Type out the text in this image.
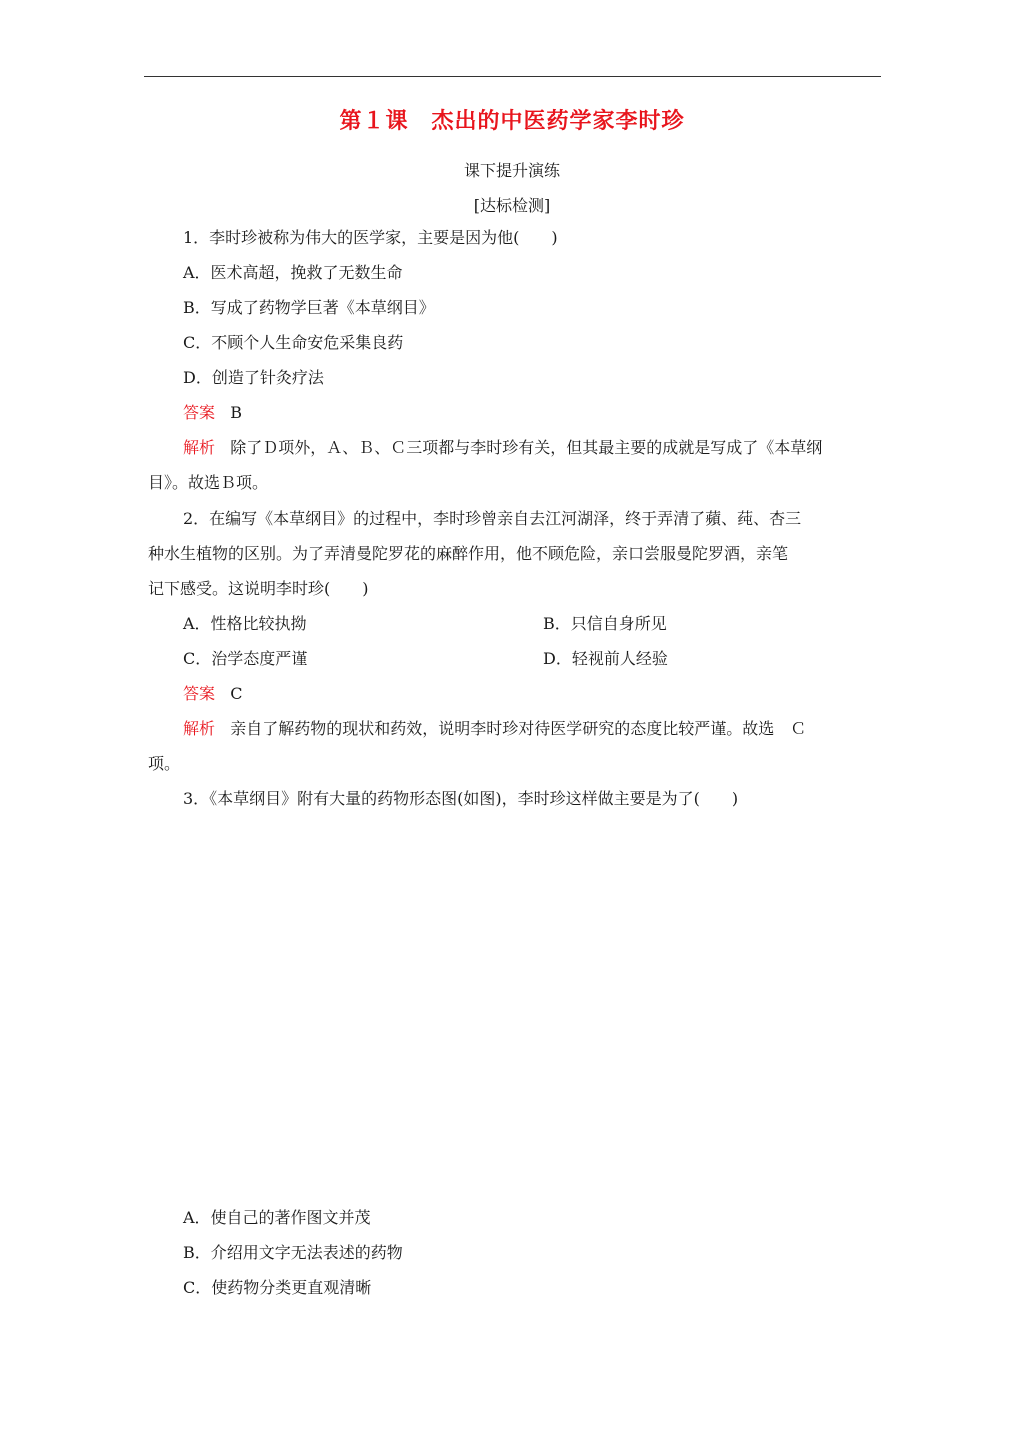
第１课　杰出的中医药学家李时珍
课下提升演练
[达标检测]
1．李时珍被称为伟大的医学家，主要是因为他(　　)
A．医术高超，挽救了无数生命
B．写成了药物学巨著《本草纲目》
C．不顾个人生命安危采集良药
D．创造了针灸疗法
答案 B
解析 除了Ｄ项外，Ａ、Ｂ、Ｃ三项都与李时珍有关，但其最主要的成就是写成了《本草纲
目》。故选Ｂ项。
2．在编写《本草纲目》的过程中，李时珍曾亲自去江河湖泽，终于弄清了蘋、莼、杏三
种水生植物的区别。为了弄清曼陀罗花的麻醉作用，他不顾危险，亲口尝服曼陀罗酒，亲笔
记下感受。这说明李时珍(　　)
A．性格比较执拗	B．只信自身所见
C．治学态度严谨	D．轻视前人经验
答案 C
解析 亲自了解药物的现状和药效，说明李时珍对待医学研究的态度比较严谨。故选　Ｃ
项。
3．《本草纲目》附有大量的药物形态图(如图)，李时珍这样做主要是为了(　　)
A．使自己的著作图文并茂
B．介绍用文字无法表述的药物
C．使药物分类更直观清晰
